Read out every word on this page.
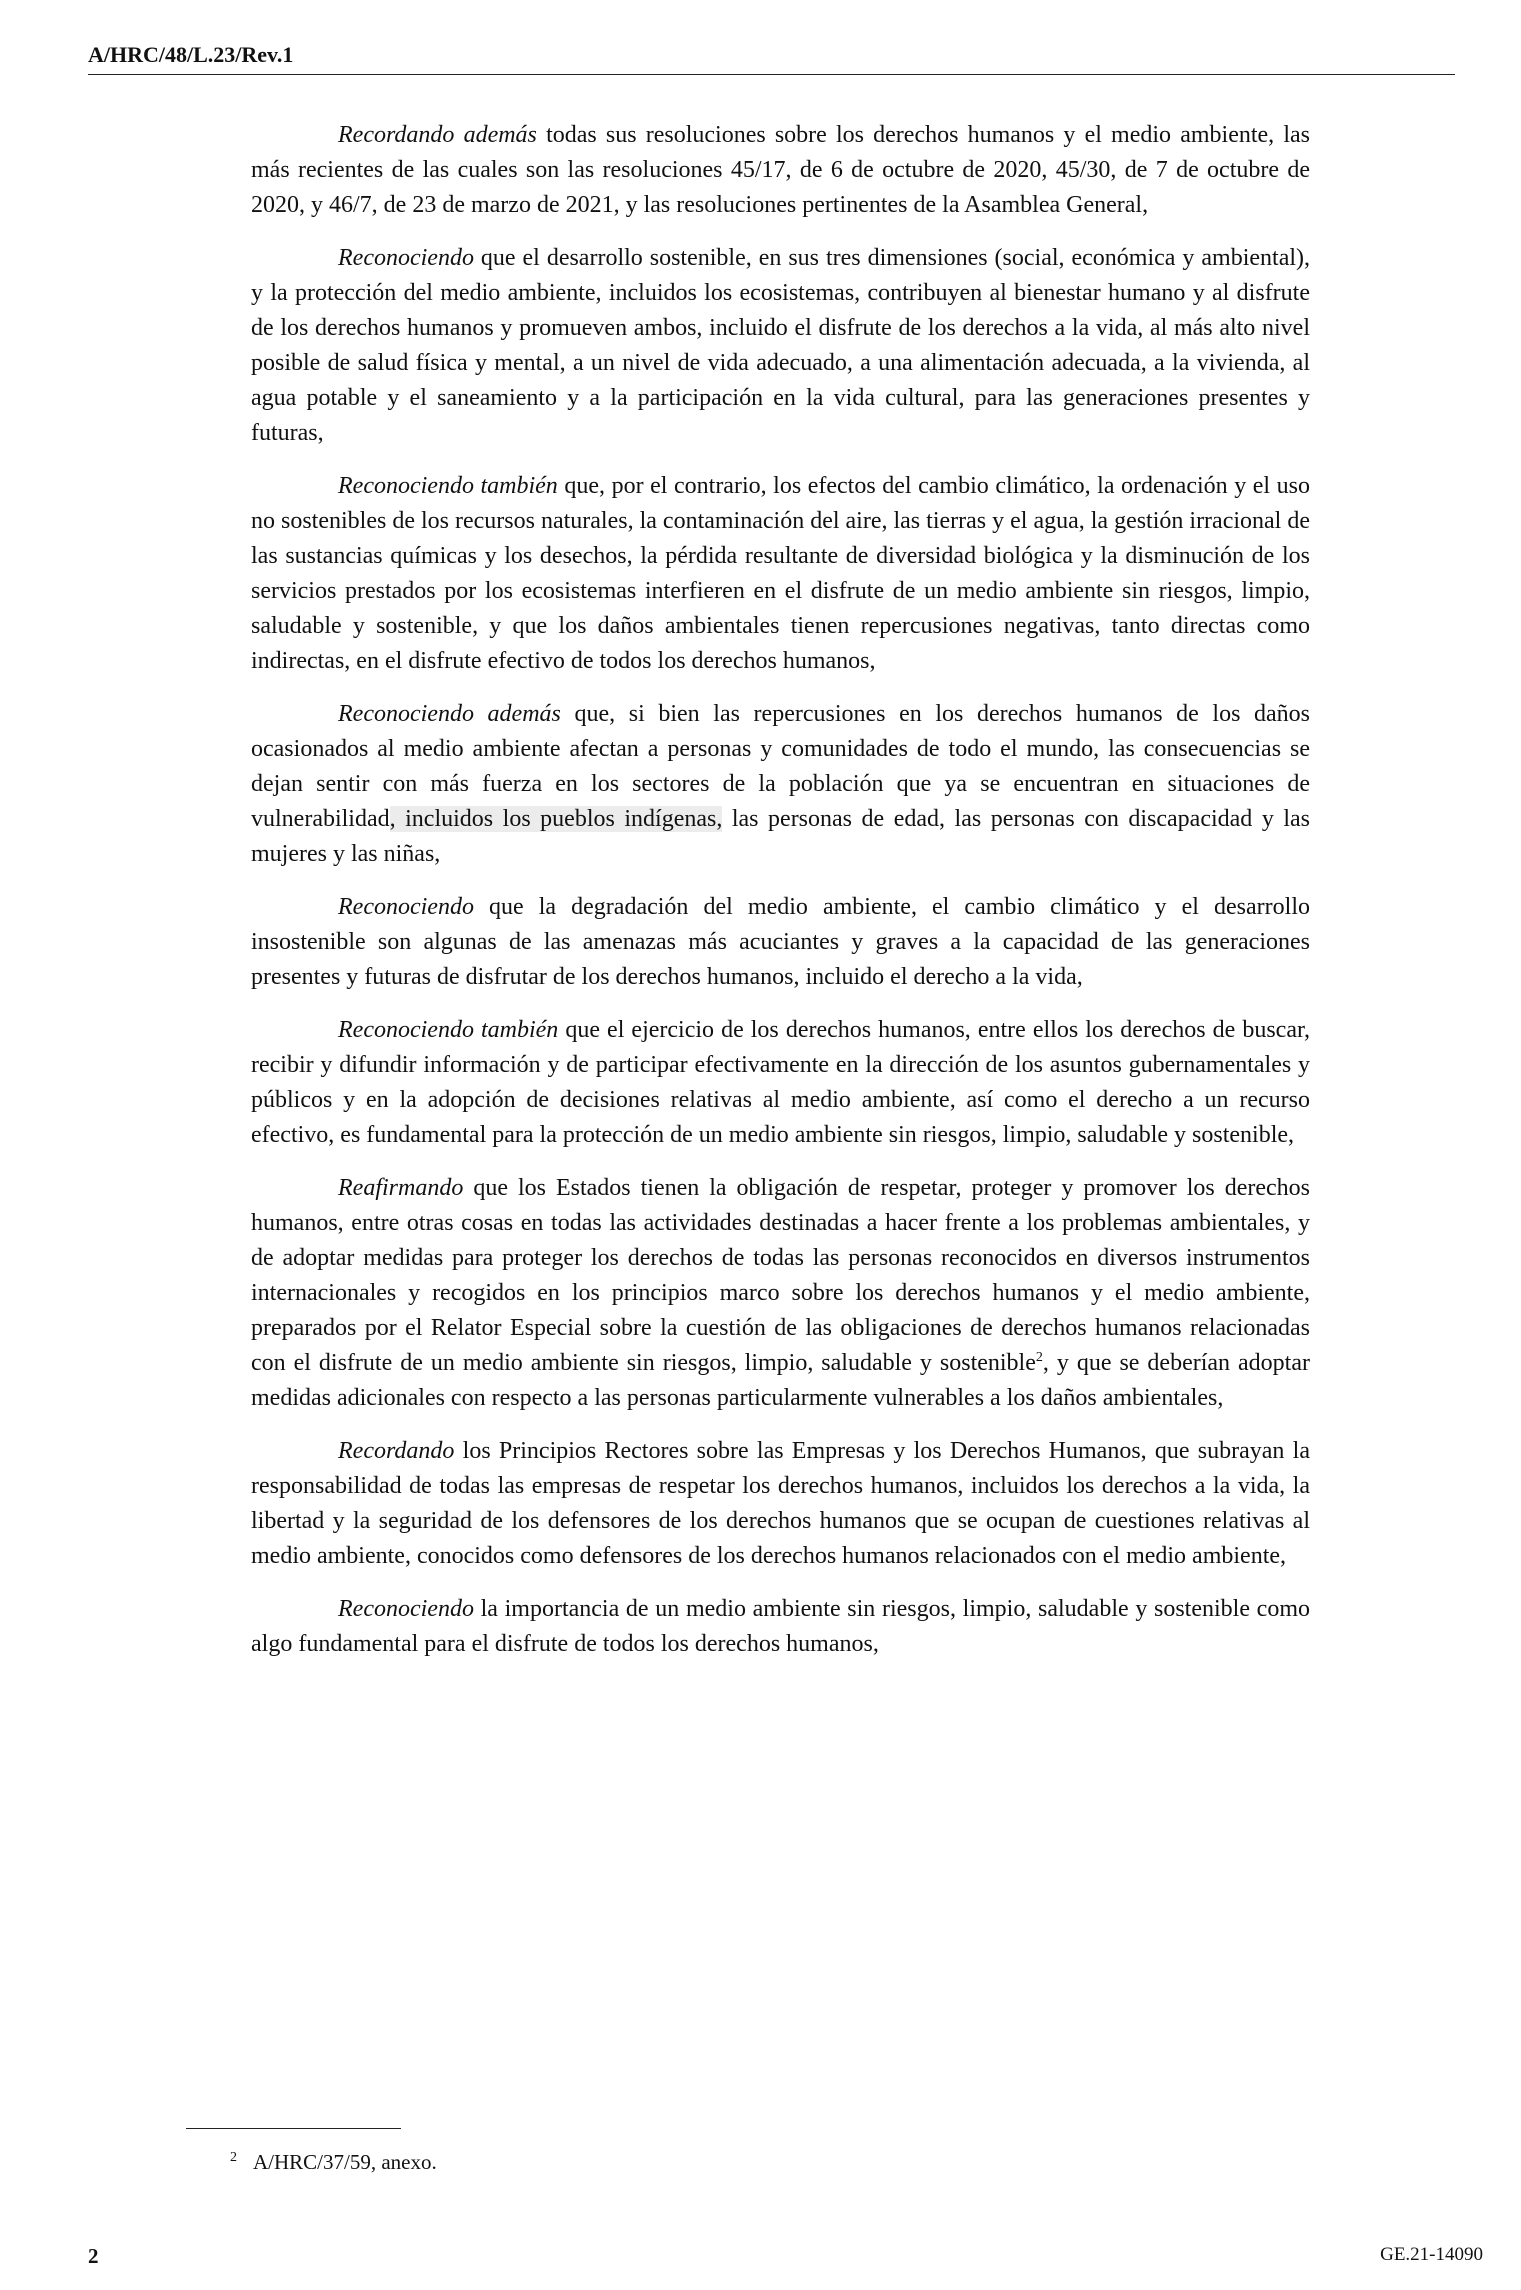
A/HRC/48/L.23/Rev.1

Recordando además todas sus resoluciones sobre los derechos humanos y el medio ambiente, las más recientes de las cuales son las resoluciones 45/17, de 6 de octubre de 2020, 45/30, de 7 de octubre de 2020, y 46/7, de 23 de marzo de 2021, y las resoluciones pertinentes de la Asamblea General,

Reconociendo que el desarrollo sostenible, en sus tres dimensiones (social, económica y ambiental), y la protección del medio ambiente, incluidos los ecosistemas, contribuyen al bienestar humano y al disfrute de los derechos humanos y promueven ambos, incluido el disfrute de los derechos a la vida, al más alto nivel posible de salud física y mental, a un nivel de vida adecuado, a una alimentación adecuada, a la vivienda, al agua potable y el saneamiento y a la participación en la vida cultural, para las generaciones presentes y futuras,

Reconociendo también que, por el contrario, los efectos del cambio climático, la ordenación y el uso no sostenibles de los recursos naturales, la contaminación del aire, las tierras y el agua, la gestión irracional de las sustancias químicas y los desechos, la pérdida resultante de diversidad biológica y la disminución de los servicios prestados por los ecosistemas interfieren en el disfrute de un medio ambiente sin riesgos, limpio, saludable y sostenible, y que los daños ambientales tienen repercusiones negativas, tanto directas como indirectas, en el disfrute efectivo de todos los derechos humanos,

Reconociendo además que, si bien las repercusiones en los derechos humanos de los daños ocasionados al medio ambiente afectan a personas y comunidades de todo el mundo, las consecuencias se dejan sentir con más fuerza en los sectores de la población que ya se encuentran en situaciones de vulnerabilidad, incluidos los pueblos indígenas, las personas de edad, las personas con discapacidad y las mujeres y las niñas,

Reconociendo que la degradación del medio ambiente, el cambio climático y el desarrollo insostenible son algunas de las amenazas más acuciantes y graves a la capacidad de las generaciones presentes y futuras de disfrutar de los derechos humanos, incluido el derecho a la vida,

Reconociendo también que el ejercicio de los derechos humanos, entre ellos los derechos de buscar, recibir y difundir información y de participar efectivamente en la dirección de los asuntos gubernamentales y públicos y en la adopción de decisiones relativas al medio ambiente, así como el derecho a un recurso efectivo, es fundamental para la protección de un medio ambiente sin riesgos, limpio, saludable y sostenible,

Reafirmando que los Estados tienen la obligación de respetar, proteger y promover los derechos humanos, entre otras cosas en todas las actividades destinadas a hacer frente a los problemas ambientales, y de adoptar medidas para proteger los derechos de todas las personas reconocidos en diversos instrumentos internacionales y recogidos en los principios marco sobre los derechos humanos y el medio ambiente, preparados por el Relator Especial sobre la cuestión de las obligaciones de derechos humanos relacionadas con el disfrute de un medio ambiente sin riesgos, limpio, saludable y sostenible$^2$, y que se deberían adoptar medidas adicionales con respecto a las personas particularmente vulnerables a los daños ambientales,

Recordando los Principios Rectores sobre las Empresas y los Derechos Humanos, que subrayan la responsabilidad de todas las empresas de respetar los derechos humanos, incluidos los derechos a la vida, la libertad y la seguridad de los defensores de los derechos humanos que se ocupan de cuestiones relativas al medio ambiente, conocidos como defensores de los derechos humanos relacionados con el medio ambiente,

Reconociendo la importancia de un medio ambiente sin riesgos, limpio, saludable y sostenible como algo fundamental para el disfrute de todos los derechos humanos,

$^2$ A/HRC/37/59, anexo.
2	GE.21-14090
